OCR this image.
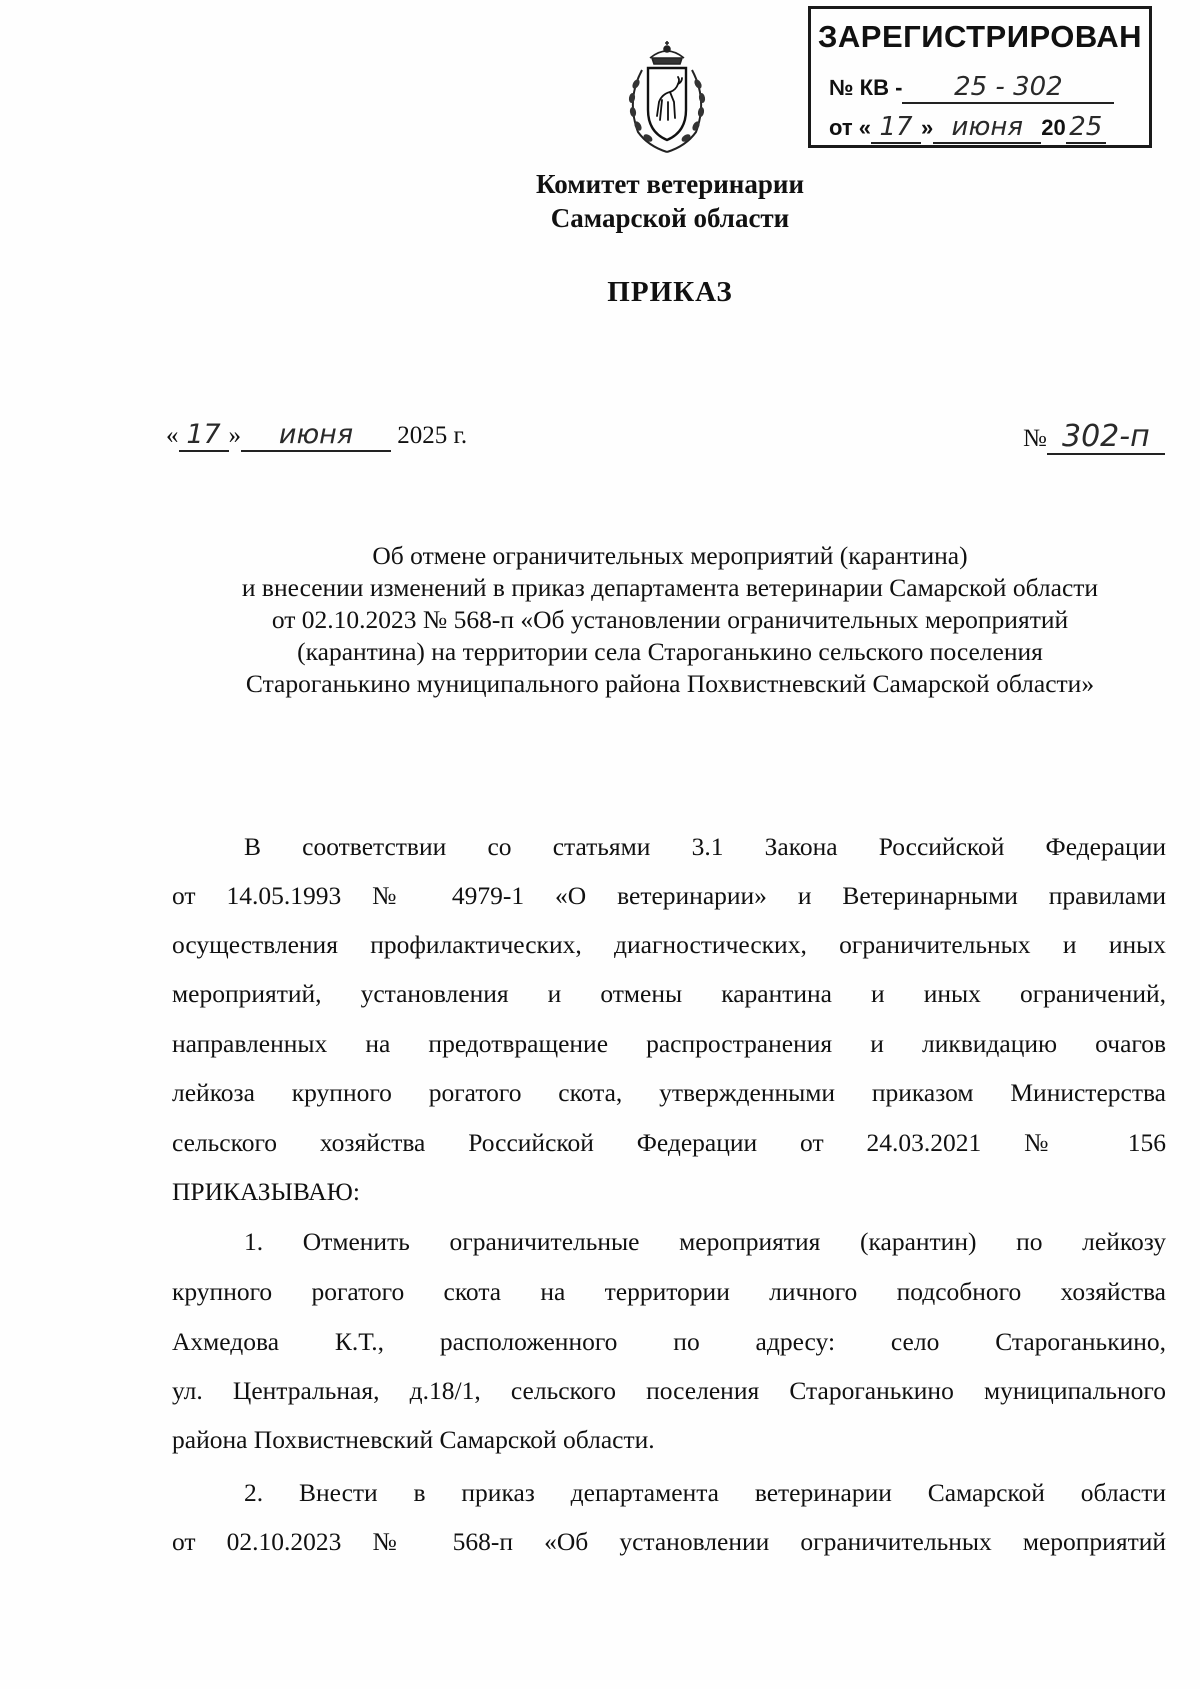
ЗАРЕГИСТРИРОВАН
№ КВ - 25 - 302
от « 17 » июня 20 25
Комитет ветеринарии
Самарской области
ПРИКАЗ
« 17 » июня 2025 г.	№ 302-п
Об отмене ограничительных мероприятий (карантина)
и внесении изменений в приказ департамента ветеринарии Самарской области
от 02.10.2023 № 568-п «Об установлении ограничительных мероприятий
(карантина) на территории села Староганькино сельского поселения
Староганькино муниципального района Похвистневский Самарской области»
В соответствии со статьями 3.1 Закона Российской Федерации
от 14.05.1993 № 4979-1 «О ветеринарии» и Ветеринарными правилами
осуществления профилактических, диагностических, ограничительных и иных
мероприятий, установления и отмены карантина и иных ограничений,
направленных на предотвращение распространения и ликвидацию очагов
лейкоза крупного рогатого скота, утвержденными приказом Министерства
сельского хозяйства Российской Федерации от 24.03.2021 № 156
ПРИКАЗЫВАЮ:
1. Отменить ограничительные мероприятия (карантин) по лейкозу
крупного рогатого скота на территории личного подсобного хозяйства
Ахмедова К.Т., расположенного по адресу: село Староганькино,
ул. Центральная, д.18/1, сельского поселения Староганькино муниципального
района Похвистневский Самарской области.
2. Внести в приказ департамента ветеринарии Самарской области
от 02.10.2023 № 568-п «Об установлении ограничительных мероприятий
